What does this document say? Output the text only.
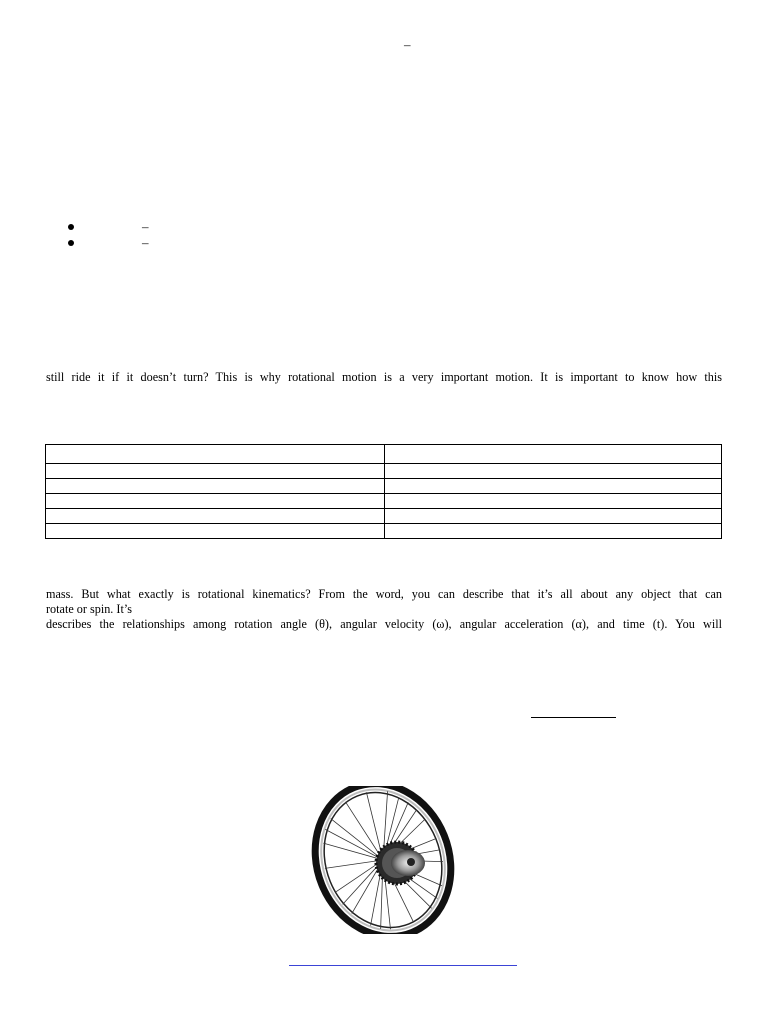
–
–
–
still ride it if it doesn’t turn? This is why rotational motion is a very important motion. It is important to know how this

mass. But what exactly is rotational kinematics? From the word, you can describe that it’s all about any object that can
rotate or spin. It’s
describes the relationships among rotation angle (θ), angular velocity (ω), angular acceleration (α), and time (t). You will
